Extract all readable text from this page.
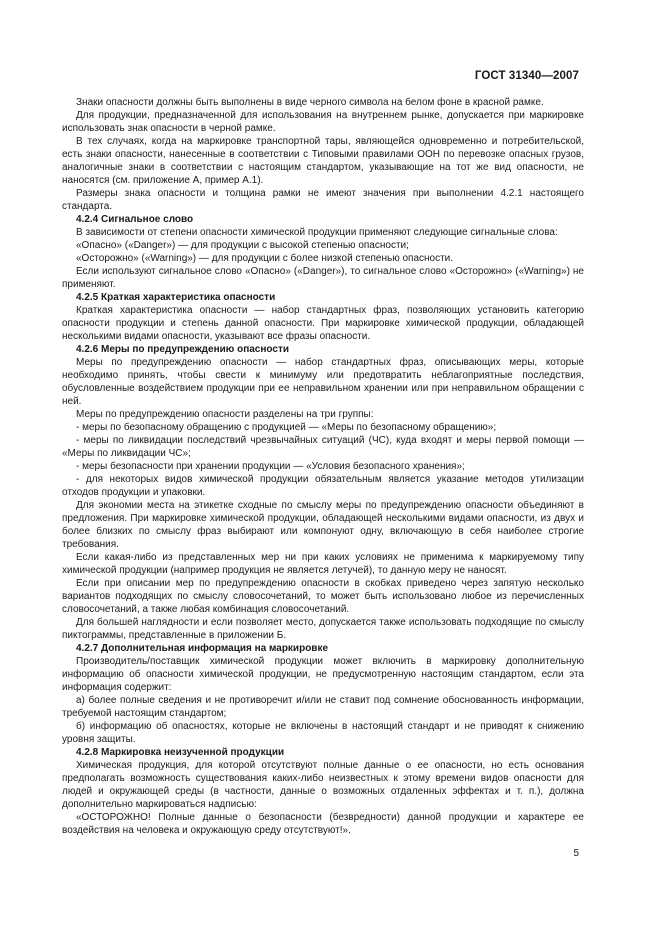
ГОСТ 31340—2007

Знаки опасности должны быть выполнены в виде черного символа на белом фоне в красной рамке.

Для продукции, предназначенной для использования на внутреннем рынке, допускается при маркировке использовать знак опасности в черной рамке.

В тех случаях, когда на маркировке транспортной тары, являющейся одновременно и потребительской, есть знаки опасности, нанесенные в соответствии с Типовыми правилами ООН по перевозке опасных грузов, аналогичные знаки в соответствии с настоящим стандартом, указывающие на тот же вид опасности, не наносятся (см. приложение А, пример А.1).

Размеры знака опасности и толщина рамки не имеют значения при выполнении 4.2.1 настоящего стандарта.

4.2.4 Сигнальное слово

В зависимости от степени опасности химической продукции применяют следующие сигнальные слова:

«Опасно» («Danger») — для продукции с высокой степенью опасности;

«Осторожно» («Warning») — для продукции с более низкой степенью опасности.

Если используют сигнальное слово «Опасно» («Danger»), то сигнальное слово «Осторожно» («Warning») не применяют.

4.2.5 Краткая характеристика опасности

Краткая характеристика опасности — набор стандартных фраз, позволяющих установить категорию опасности продукции и степень данной опасности. При маркировке химической продукции, обладающей несколькими видами опасности, указывают все фразы опасности.

4.2.6 Меры по предупреждению опасности

Меры по предупреждению опасности — набор стандартных фраз, описывающих меры, которые необходимо принять, чтобы свести к минимуму или предотвратить неблагоприятные последствия, обусловленные воздействием продукции при ее неправильном хранении или при неправильном обращении с ней.

Меры по предупреждению опасности разделены на три группы:

- меры по безопасному обращению с продукцией — «Меры по безопасному обращению»;

- меры по ликвидации последствий чрезвычайных ситуаций (ЧС), куда входят и меры первой помощи — «Меры по ликвидации ЧС»;

- меры безопасности при хранении продукции — «Условия безопасного хранения»;

- для некоторых видов химической продукции обязательным является указание методов утилизации отходов продукции и упаковки.

Для экономии места на этикетке сходные по смыслу меры по предупреждению опасности объединяют в предложения. При маркировке химической продукции, обладающей несколькими видами опасности, из двух и более близких по смыслу фраз выбирают или компонуют одну, включающую в себя наиболее строгие требования.

Если какая-либо из представленных мер ни при каких условиях не применима к маркируемому типу химической продукции (например продукция не является летучей), то данную меру не наносят.

Если при описании мер по предупреждению опасности в скобках приведено через запятую несколько вариантов подходящих по смыслу словосочетаний, то может быть использовано любое из перечисленных словосочетаний, а также любая комбинация словосочетаний.

Для большей наглядности и если позволяет место, допускается также использовать подходящие по смыслу пиктограммы, представленные в приложении Б.

4.2.7 Дополнительная информация на маркировке

Производитель/поставщик химической продукции может включить в маркировку дополнительную информацию об опасности химической продукции, не предусмотренную настоящим стандартом, если эта информация содержит:

а) более полные сведения и не противоречит и/или не ставит под сомнение обоснованность информации, требуемой настоящим стандартом;

б) информацию об опасностях, которые не включены в настоящий стандарт и не приводят к снижению уровня защиты.

4.2.8 Маркировка неизученной продукции

Химическая продукция, для которой отсутствуют полные данные о ее опасности, но есть основания предполагать возможность существования каких-либо неизвестных к этому времени видов опасности для людей и окружающей среды (в частности, данные о возможных отдаленных эффектах и т. п.), должна дополнительно маркироваться надписью:

«ОСТОРОЖНО! Полные данные о безопасности (безвредности) данной продукции и характере ее воздействия на человека и окружающую среду отсутствуют!».

5
